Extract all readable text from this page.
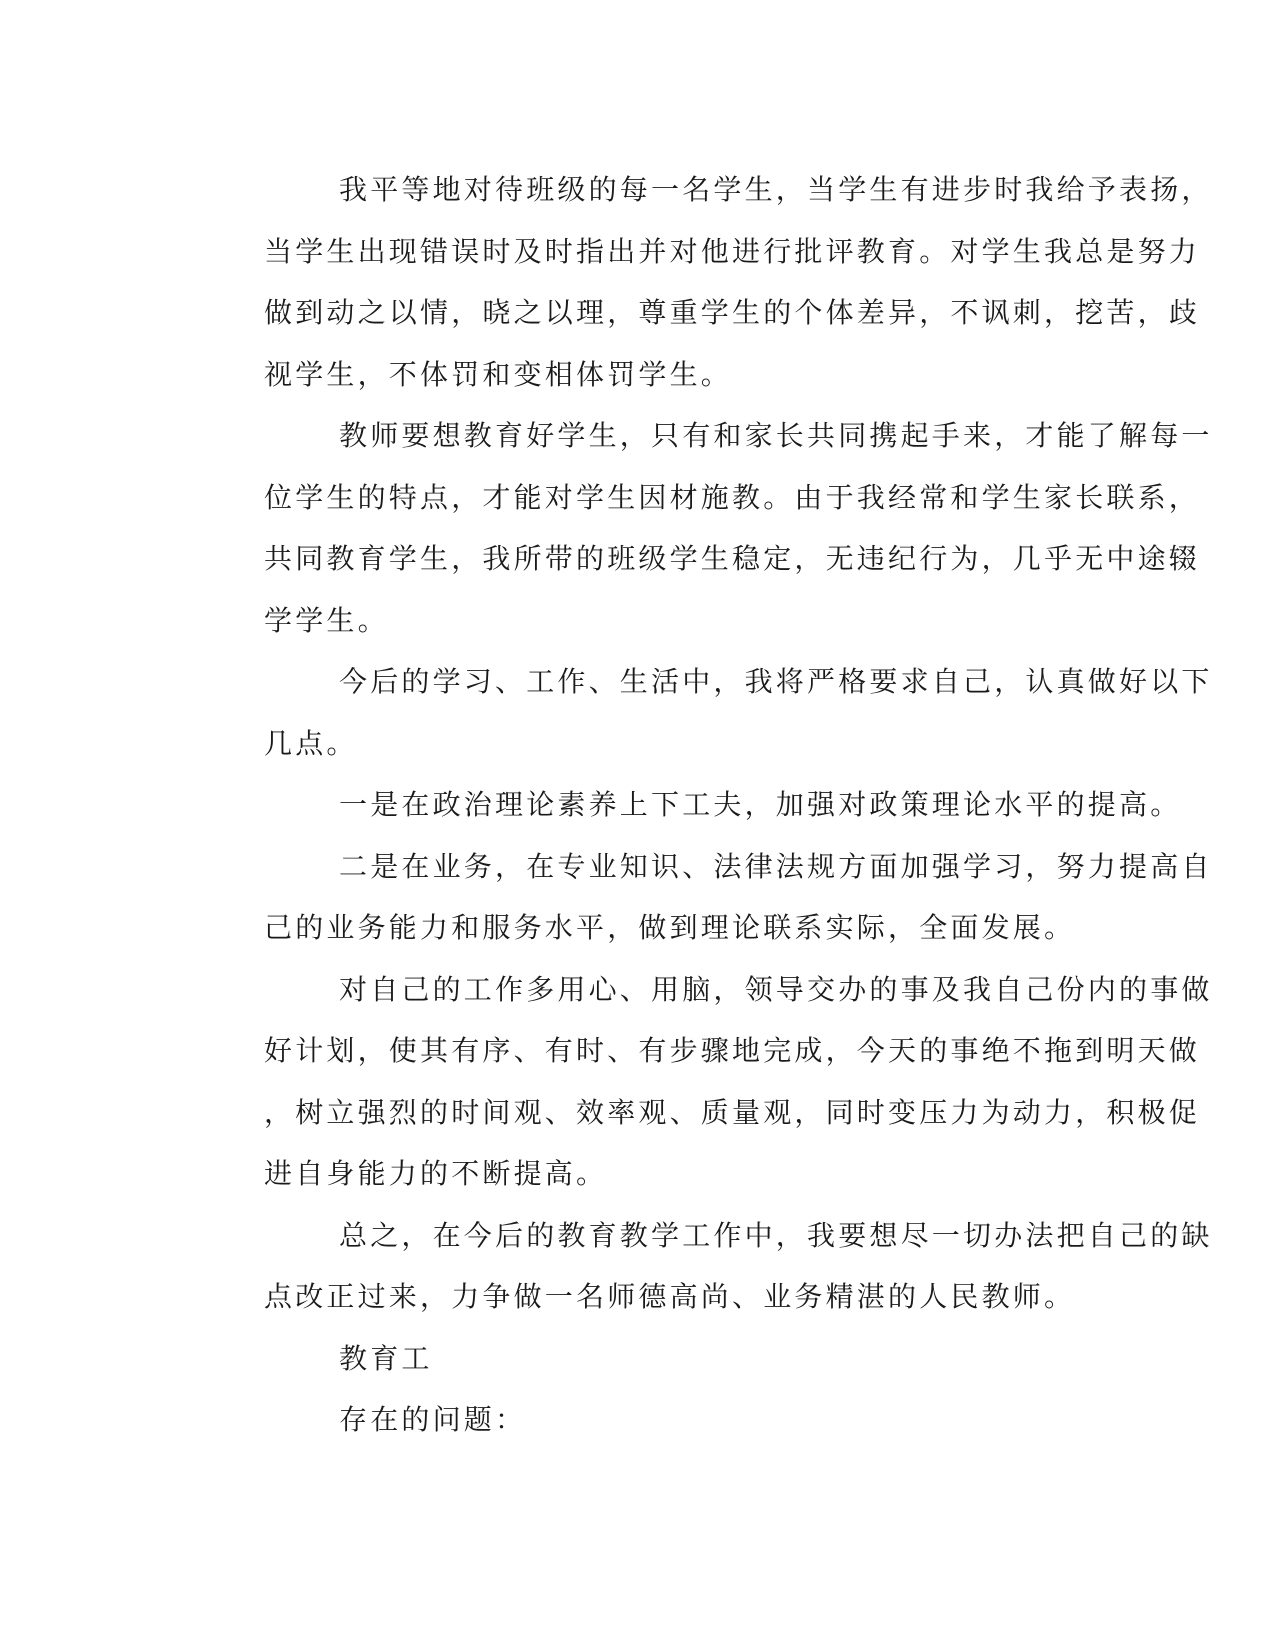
我平等地对待班级的每一名学生，当学生有进步时我给予表扬，
当学生出现错误时及时指出并对他进行批评教育。对学生我总是努力
做到动之以情，晓之以理，尊重学生的个体差异，不讽刺，挖苦，歧
视学生，不体罚和变相体罚学生。
教师要想教育好学生，只有和家长共同携起手来，才能了解每一
位学生的特点，才能对学生因材施教。由于我经常和学生家长联系，
共同教育学生，我所带的班级学生稳定，无违纪行为，几乎无中途辍
学学生。
今后的学习、工作、生活中，我将严格要求自己，认真做好以下
几点。
一是在政治理论素养上下工夫，加强对政策理论水平的提高。
二是在业务，在专业知识、法律法规方面加强学习，努力提高自
己的业务能力和服务水平，做到理论联系实际，全面发展。
对自己的工作多用心、用脑，领导交办的事及我自己份内的事做
好计划，使其有序、有时、有步骤地完成，今天的事绝不拖到明天做
，树立强烈的时间观、效率观、质量观，同时变压力为动力，积极促
进自身能力的不断提高。
总之，在今后的教育教学工作中，我要想尽一切办法把自己的缺
点改正过来，力争做一名师德高尚、业务精湛的人民教师。
教育工
存在的问题：
